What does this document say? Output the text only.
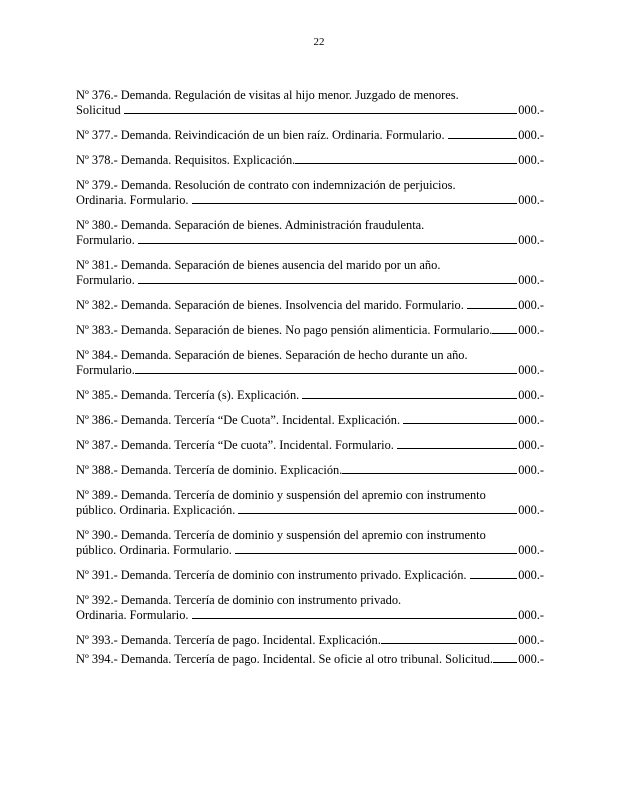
22
Nº 376.- Demanda. Regulación de visitas al hijo menor. Juzgado de menores.
Solicitud	000.-
Nº 377.- Demanda. Reivindicación de un bien raíz. Ordinaria. Formulario.	000.-
Nº 378.- Demanda. Requisitos. Explicación.	000.-
Nº 379.- Demanda. Resolución de contrato con indemnización de perjuicios.
Ordinaria. Formulario.	000.-
Nº 380.- Demanda. Separación de bienes. Administración fraudulenta.
Formulario.	000.-
Nº 381.- Demanda. Separación de bienes ausencia del marido por un año.
Formulario.	000.-
Nº 382.- Demanda. Separación de bienes. Insolvencia del marido. Formulario.	000.-
Nº 383.- Demanda. Separación de bienes. No pago pensión alimenticia. Formulario. 000.-
Nº 384.- Demanda. Separación de bienes. Separación de hecho durante un año.
Formulario.	000.-
Nº 385.- Demanda. Tercería (s). Explicación.	000.-
Nº 386.- Demanda. Tercería “De Cuota”. Incidental. Explicación.	000.-
Nº 387.- Demanda. Tercería “De cuota”. Incidental. Formulario.	000.-
Nº 388.- Demanda. Tercería de dominio. Explicación.	000.-
Nº 389.- Demanda. Tercería de dominio y suspensión del apremio con instrumento
público. Ordinaria. Explicación.	000.-
Nº 390.- Demanda. Tercería de dominio y suspensión del apremio con instrumento
público. Ordinaria. Formulario.	000.-
Nº 391.- Demanda. Tercería de dominio con instrumento privado. Explicación.	000.-
Nº 392.- Demanda. Tercería de dominio con instrumento privado.
Ordinaria. Formulario.	000.-
Nº 393.- Demanda. Tercería de pago. Incidental. Explicación.	000.-
Nº 394.- Demanda. Tercería de pago. Incidental. Se oficie al otro tribunal. Solicitud. 000.-
